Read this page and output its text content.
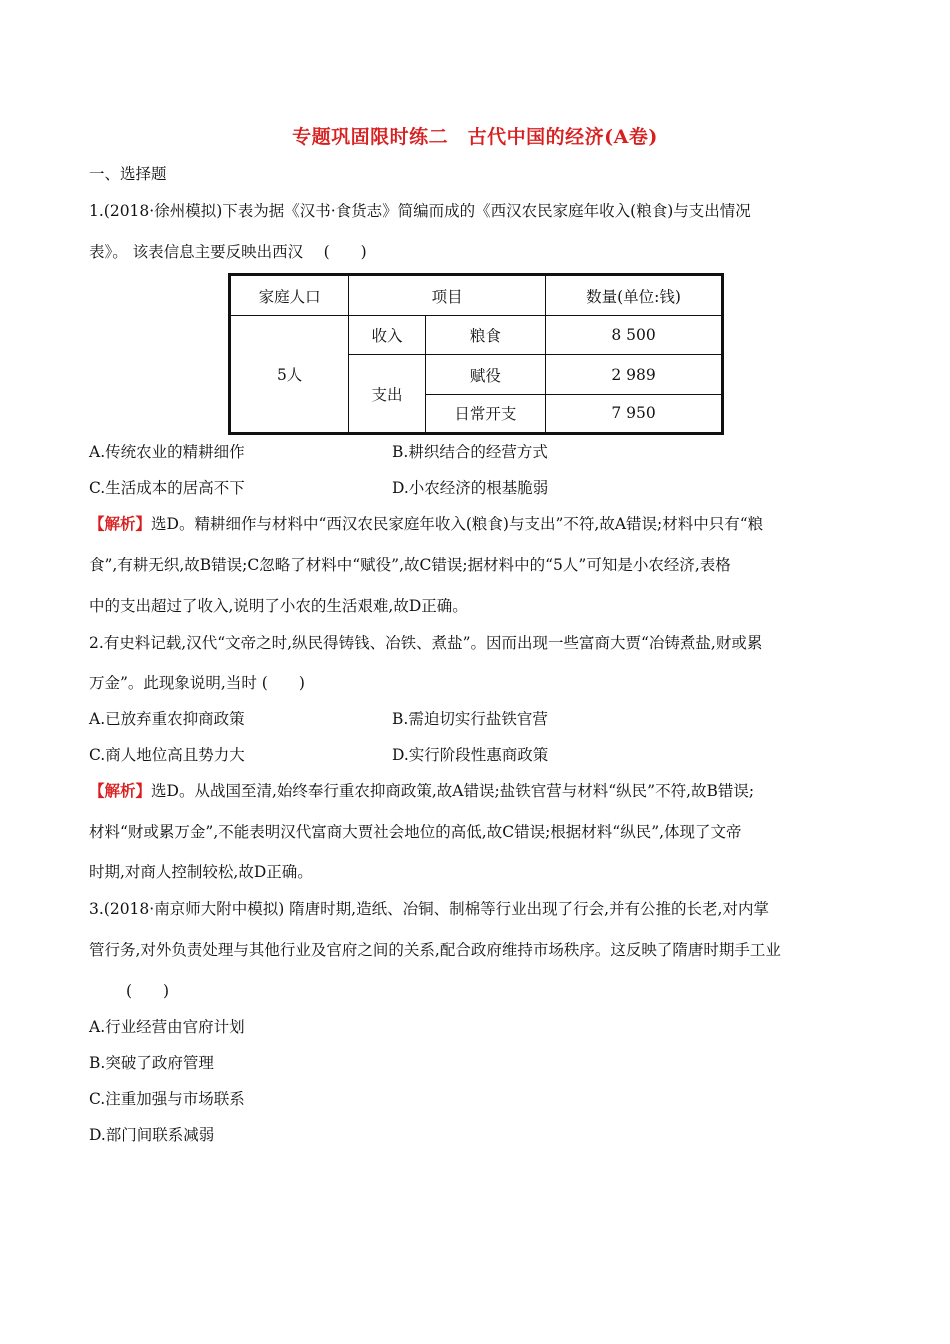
专题巩固限时练二　古代中国的经济(A卷)
一、选择题
1.(2018·徐州模拟)下表为据《汉书·食货志》简编而成的《西汉农民家庭年收入(粮食)与支出情况
表》。 该表信息主要反映出西汉　 (　　)
家庭人口	项目		数量(单位:钱)
5人	收入	粮食	8 500
	支出	赋役	2 989
		日常开支	7 950
A.传统农业的精耕细作	B.耕织结合的经营方式
C.生活成本的居高不下	D.小农经济的根基脆弱
【解析】选D。精耕细作与材料中“西汉农民家庭年收入(粮食)与支出”不符,故A错误;材料中只有“粮
食”,有耕无织,故B错误;C忽略了材料中“赋役”,故C错误;据材料中的“5人”可知是小农经济,表格
中的支出超过了收入,说明了小农的生活艰难,故D正确。
2.有史料记载,汉代“文帝之时,纵民得铸钱、冶铁、煮盐”。因而出现一些富商大贾“冶铸煮盐,财或累
万金”。此现象说明,当时 (　　)
A.已放弃重农抑商政策	B.需迫切实行盐铁官营
C.商人地位高且势力大	D.实行阶段性惠商政策
【解析】选D。从战国至清,始终奉行重农抑商政策,故A错误;盐铁官营与材料“纵民”不符,故B错误;
材料“财或累万金”,不能表明汉代富商大贾社会地位的高低,故C错误;根据材料“纵民”,体现了文帝
时期,对商人控制较松,故D正确。
3.(2018·南京师大附中模拟) 隋唐时期,造纸、冶铜、制棉等行业出现了行会,并有公推的长老,对内掌
管行务,对外负责处理与其他行业及官府之间的关系,配合政府维持市场秩序。这反映了隋唐时期手工业
(　　)
A.行业经营由官府计划
B.突破了政府管理
C.注重加强与市场联系
D.部门间联系减弱
